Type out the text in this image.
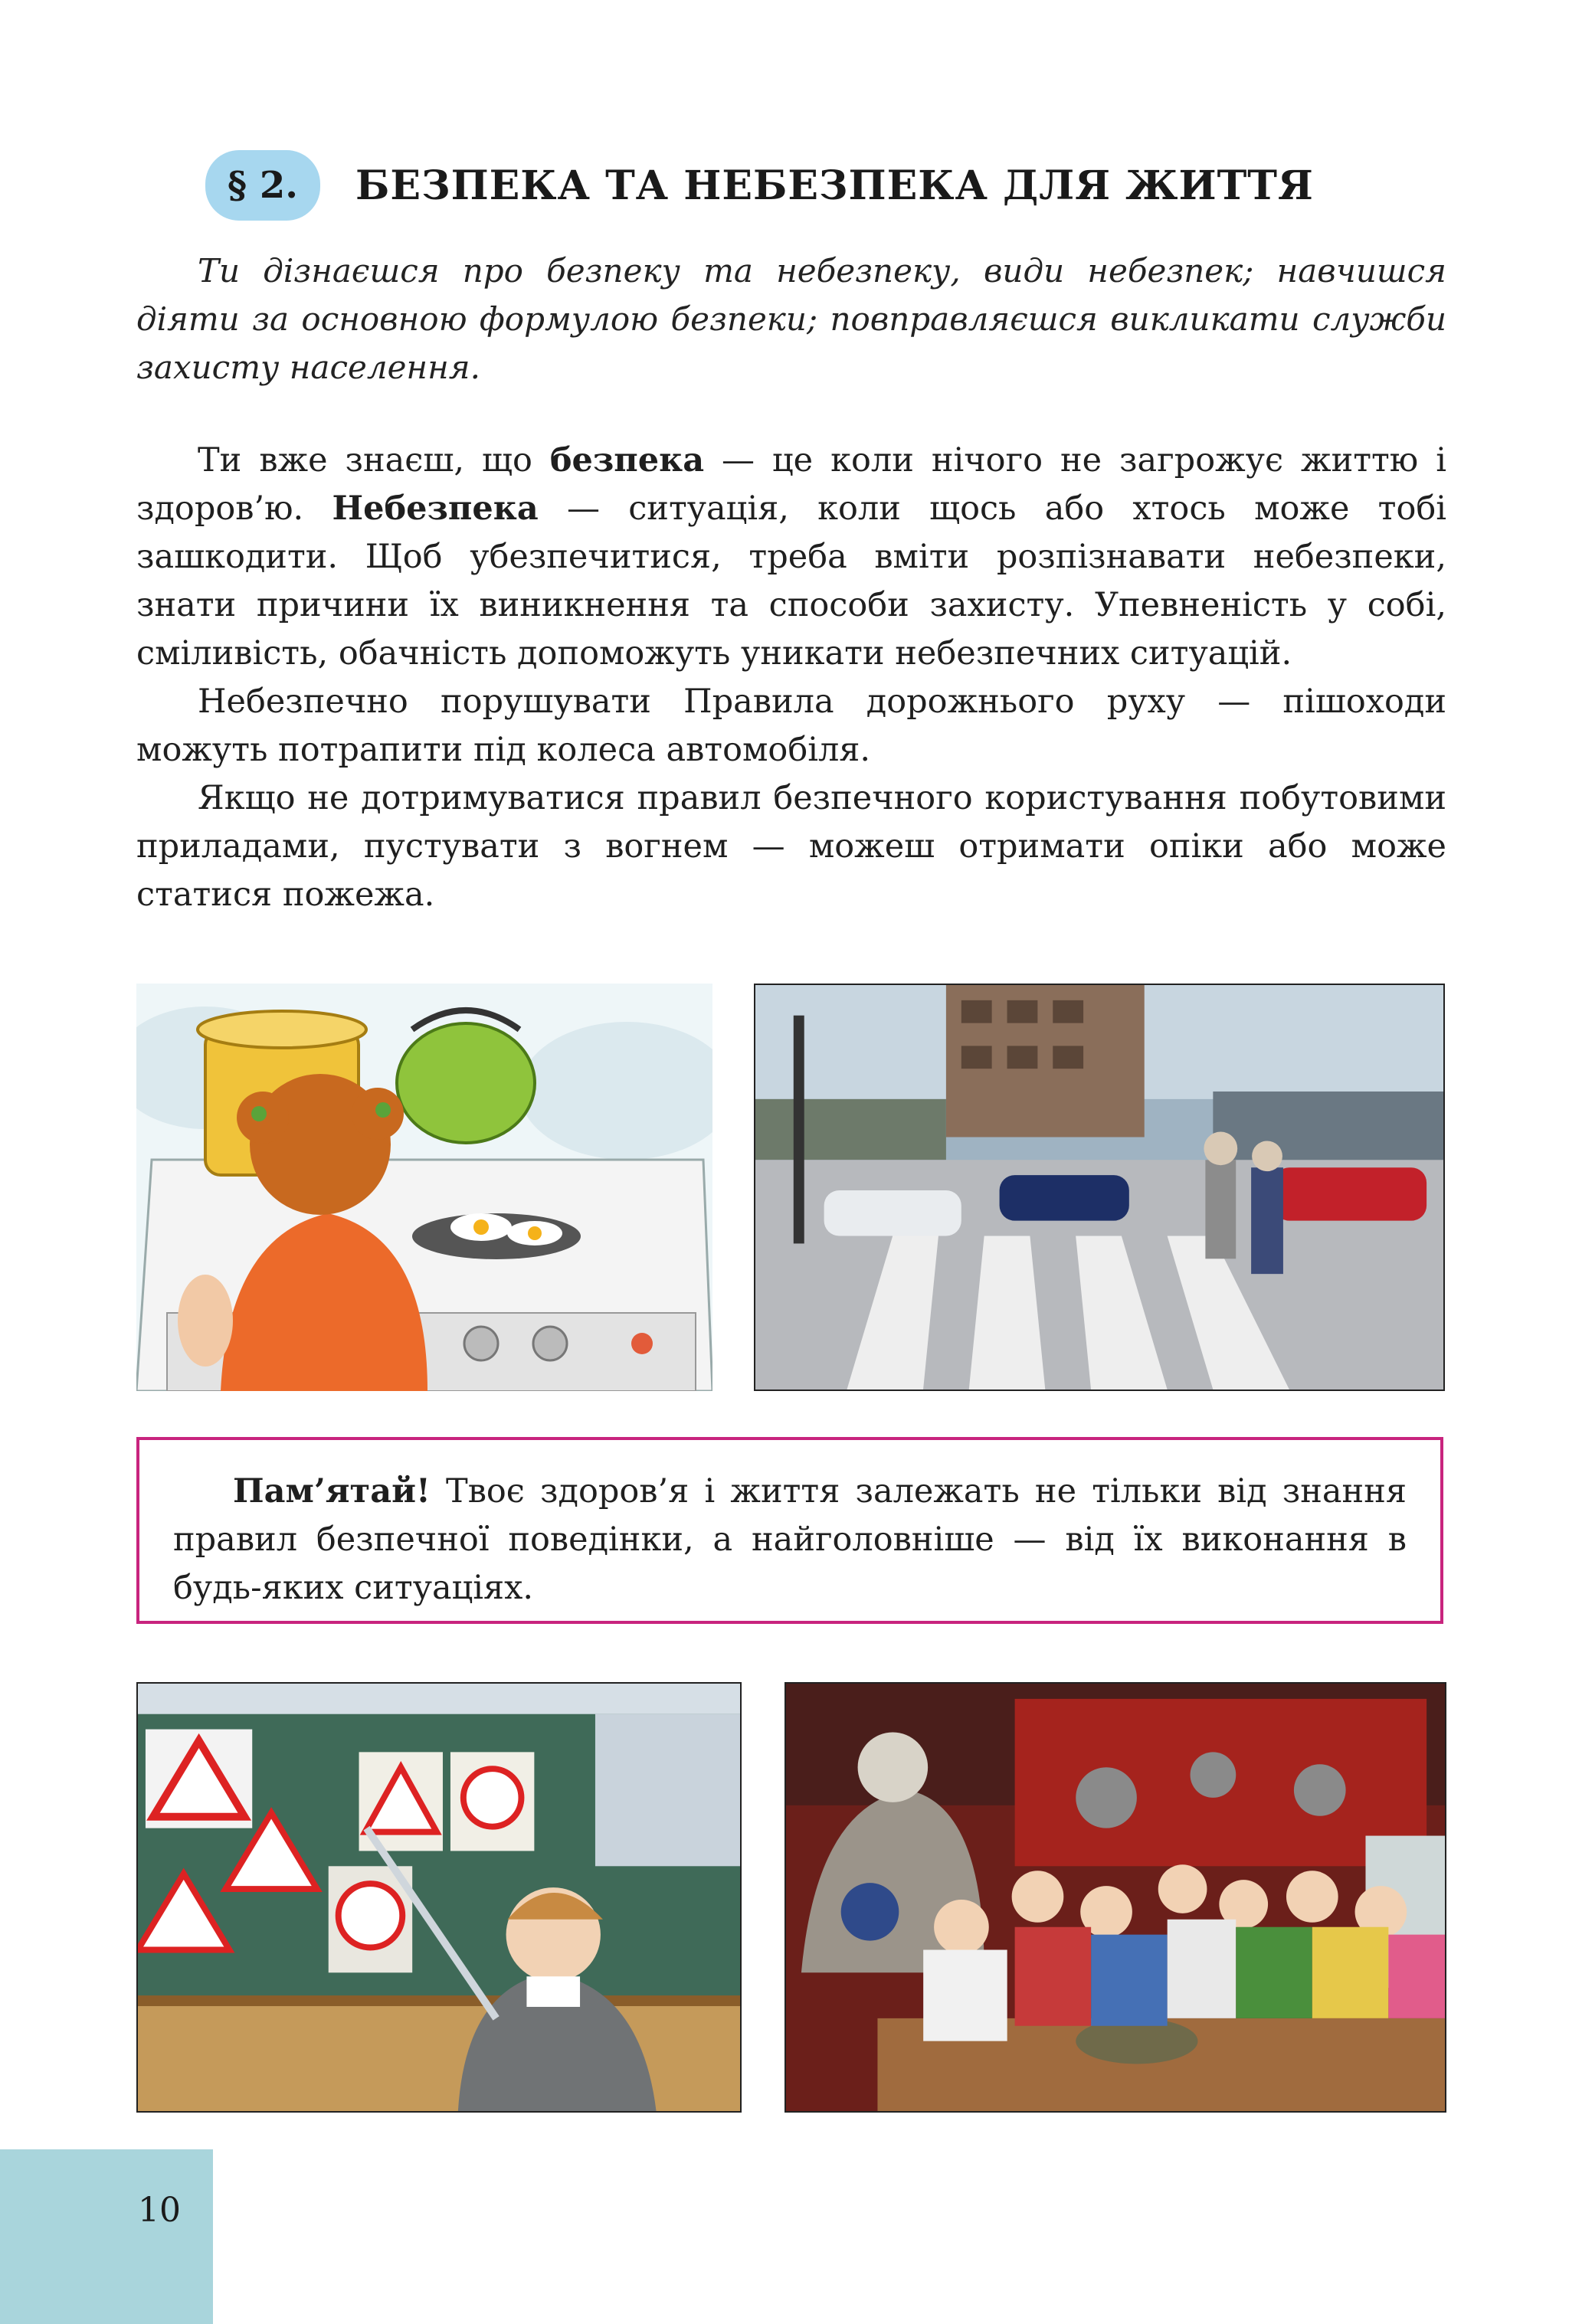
§ 2.	БЕЗПЕКА ТА НЕБЕЗПЕКА ДЛЯ ЖИТТЯ

Ти дізнаєшся про безпеку та небезпеку, види небезпек; навчишся діяти за основною формулою безпеки; повправляєшся викликати служби захисту населення.

Ти вже знаєш, що безпека — це коли нічого не загрожує життю і здоров’ю. Небезпека — ситуація, коли щось або хтось може тобі зашкодити. Щоб убезпечитися, треба вміти розпізнавати небезпеки, знати причини їх виникнення та способи захисту. Упевненість у собі, сміливість, обачність допоможуть уникати небезпечних ситуацій.

Небезпечно порушувати Правила дорожнього руху — пішоходи можуть потрапити під колеса автомобіля.

Якщо не дотримуватися правил безпечного користування побутовими приладами, пустувати з вогнем — можеш отримати опіки або може статися пожежа.

Пам’ятай! Твоє здоров’я і життя залежать не тільки від знання правил безпечної поведінки, а найголовніше — від їх виконання в будь-яких ситуаціях.

10
